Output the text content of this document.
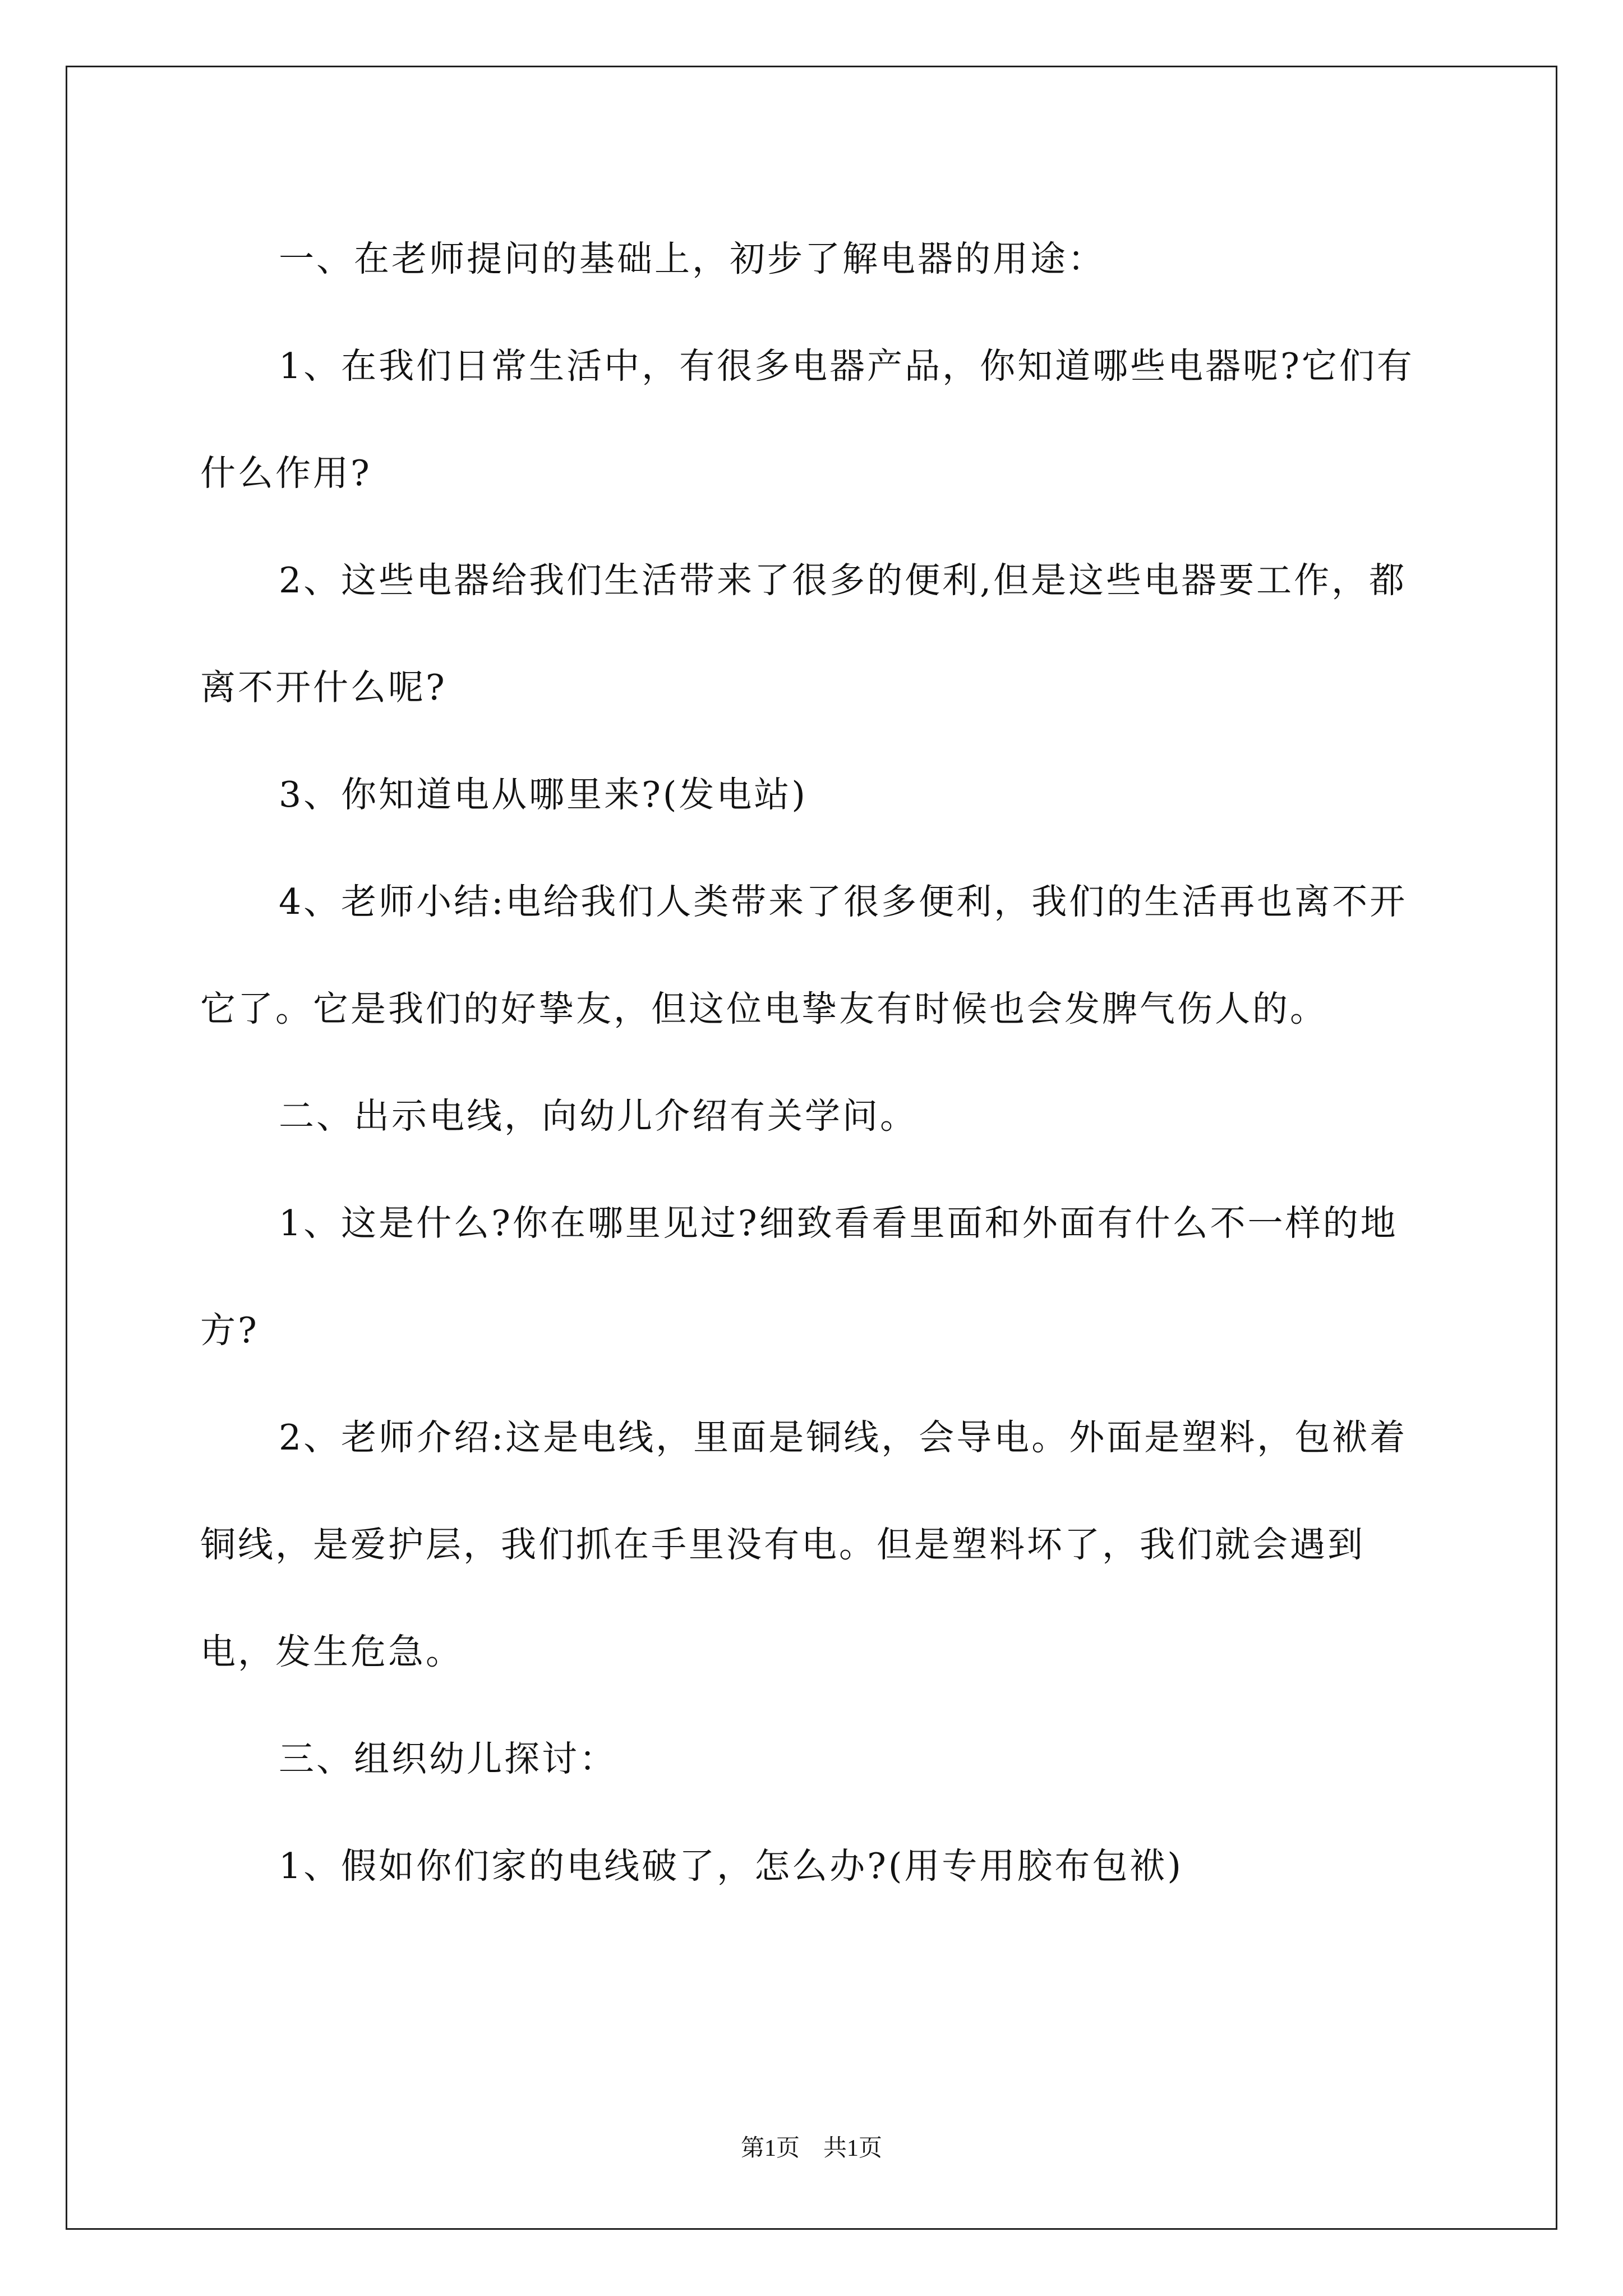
一、在老师提问的基础上，初步了解电器的用途：

1、在我们日常生活中，有很多电器产品，你知道哪些电器呢?它们有什么作用?

2、这些电器给我们生活带来了很多的便利,但是这些电器要工作，都离不开什么呢?

3、你知道电从哪里来?(发电站)

4、老师小结:电给我们人类带来了很多便利，我们的生活再也离不开它了。它是我们的好挚友，但这位电挚友有时候也会发脾气伤人的。

二、出示电线，向幼儿介绍有关学问。

1、这是什么?你在哪里见过?细致看看里面和外面有什么不一样的地方?

2、老师介绍:这是电线，里面是铜线，会导电。外面是塑料，包袱着铜线，是爱护层，我们抓在手里没有电。但是塑料坏了，我们就会遇到电，发生危急。

三、组织幼儿探讨：

1、假如你们家的电线破了，怎么办?(用专用胶布包袱)

第1页　共1页
